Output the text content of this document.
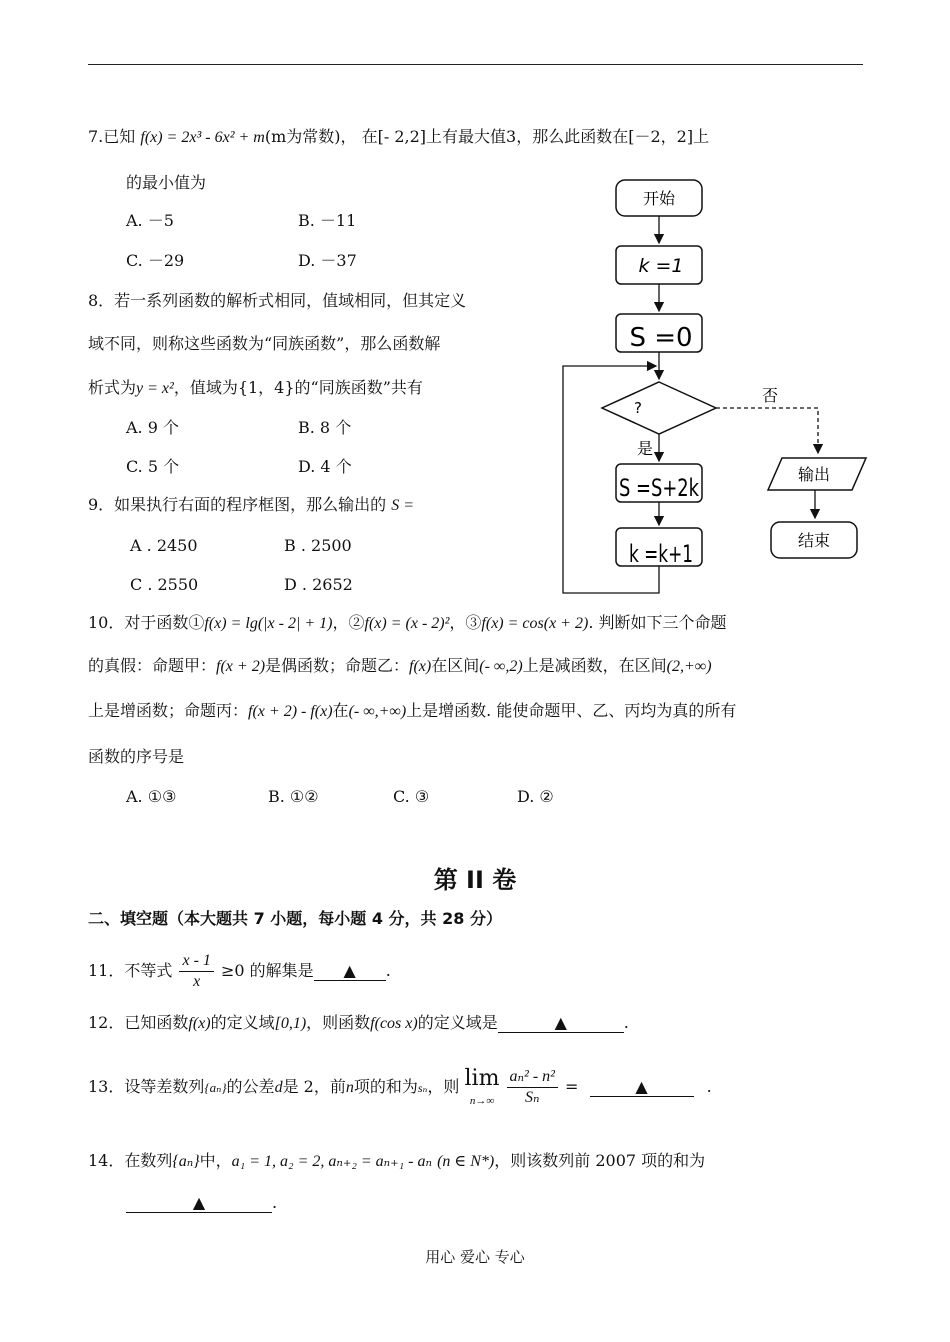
7.已知 f(x) = 2x³ - 6x² + m(m为常数)， 在[- 2,2]上有最大值3，那么此函数在[－2，2]上
的最小值为
A. －5	B. －11
C. －29	D. －37
8．若一系列函数的解析式相同，值域相同，但其定义
域不同，则称这些函数为“同族函数”，那么函数解
析式为y = x²，值域为{1，4}的“同族函数”共有
A. 9 个	B. 8 个
C. 5 个	D. 4 个
9．如果执行右面的程序框图，那么输出的 S =
A . 2450	B . 2500
C . 2550	D . 2652
开始
k =1
S =0
?
否
是
S =S+2k
k =k+1
输出
结束
10．对于函数①f(x) = lg(|x - 2| + 1)，②f(x) = (x - 2)²，③f(x) = cos(x + 2). 判断如下三个命题
的真假：命题甲：f(x + 2)是偶函数；命题乙：f(x)在区间(- ∞,2)上是减函数，在区间(2,+∞)
上是增函数；命题丙：f(x + 2) - f(x)在(- ∞,+∞)上是增函数. 能使命题甲、乙、丙均为真的所有
函数的序号是
A. ①③	B. ①②	C. ③	D. ②
第 II 卷
二、填空题（本大题共 7 小题，每小题 4 分，共 28 分）
11．不等式 $\frac{x - 1}{x} \ge 0$ 的解集是 ▲ .
12．已知函数f(x)的定义域[0,1)，则函数f(cos x)的定义域是	▲	.
13．设等差数列{aₙ}的公差d是 2，前n项的和为sₙ，则 lim
n→∞
$\frac{\text{aₙ² - n²}}{\text{Sₙ}}$ =	▲	.
14．在数列{aₙ}中，a₁ = 1, a₂ = 2, aₙ₊₂ = aₙ₊₁ - aₙ (n ∈ N*)，则该数列前 2007 项的和为
▲	.
用心 爱心 专心
